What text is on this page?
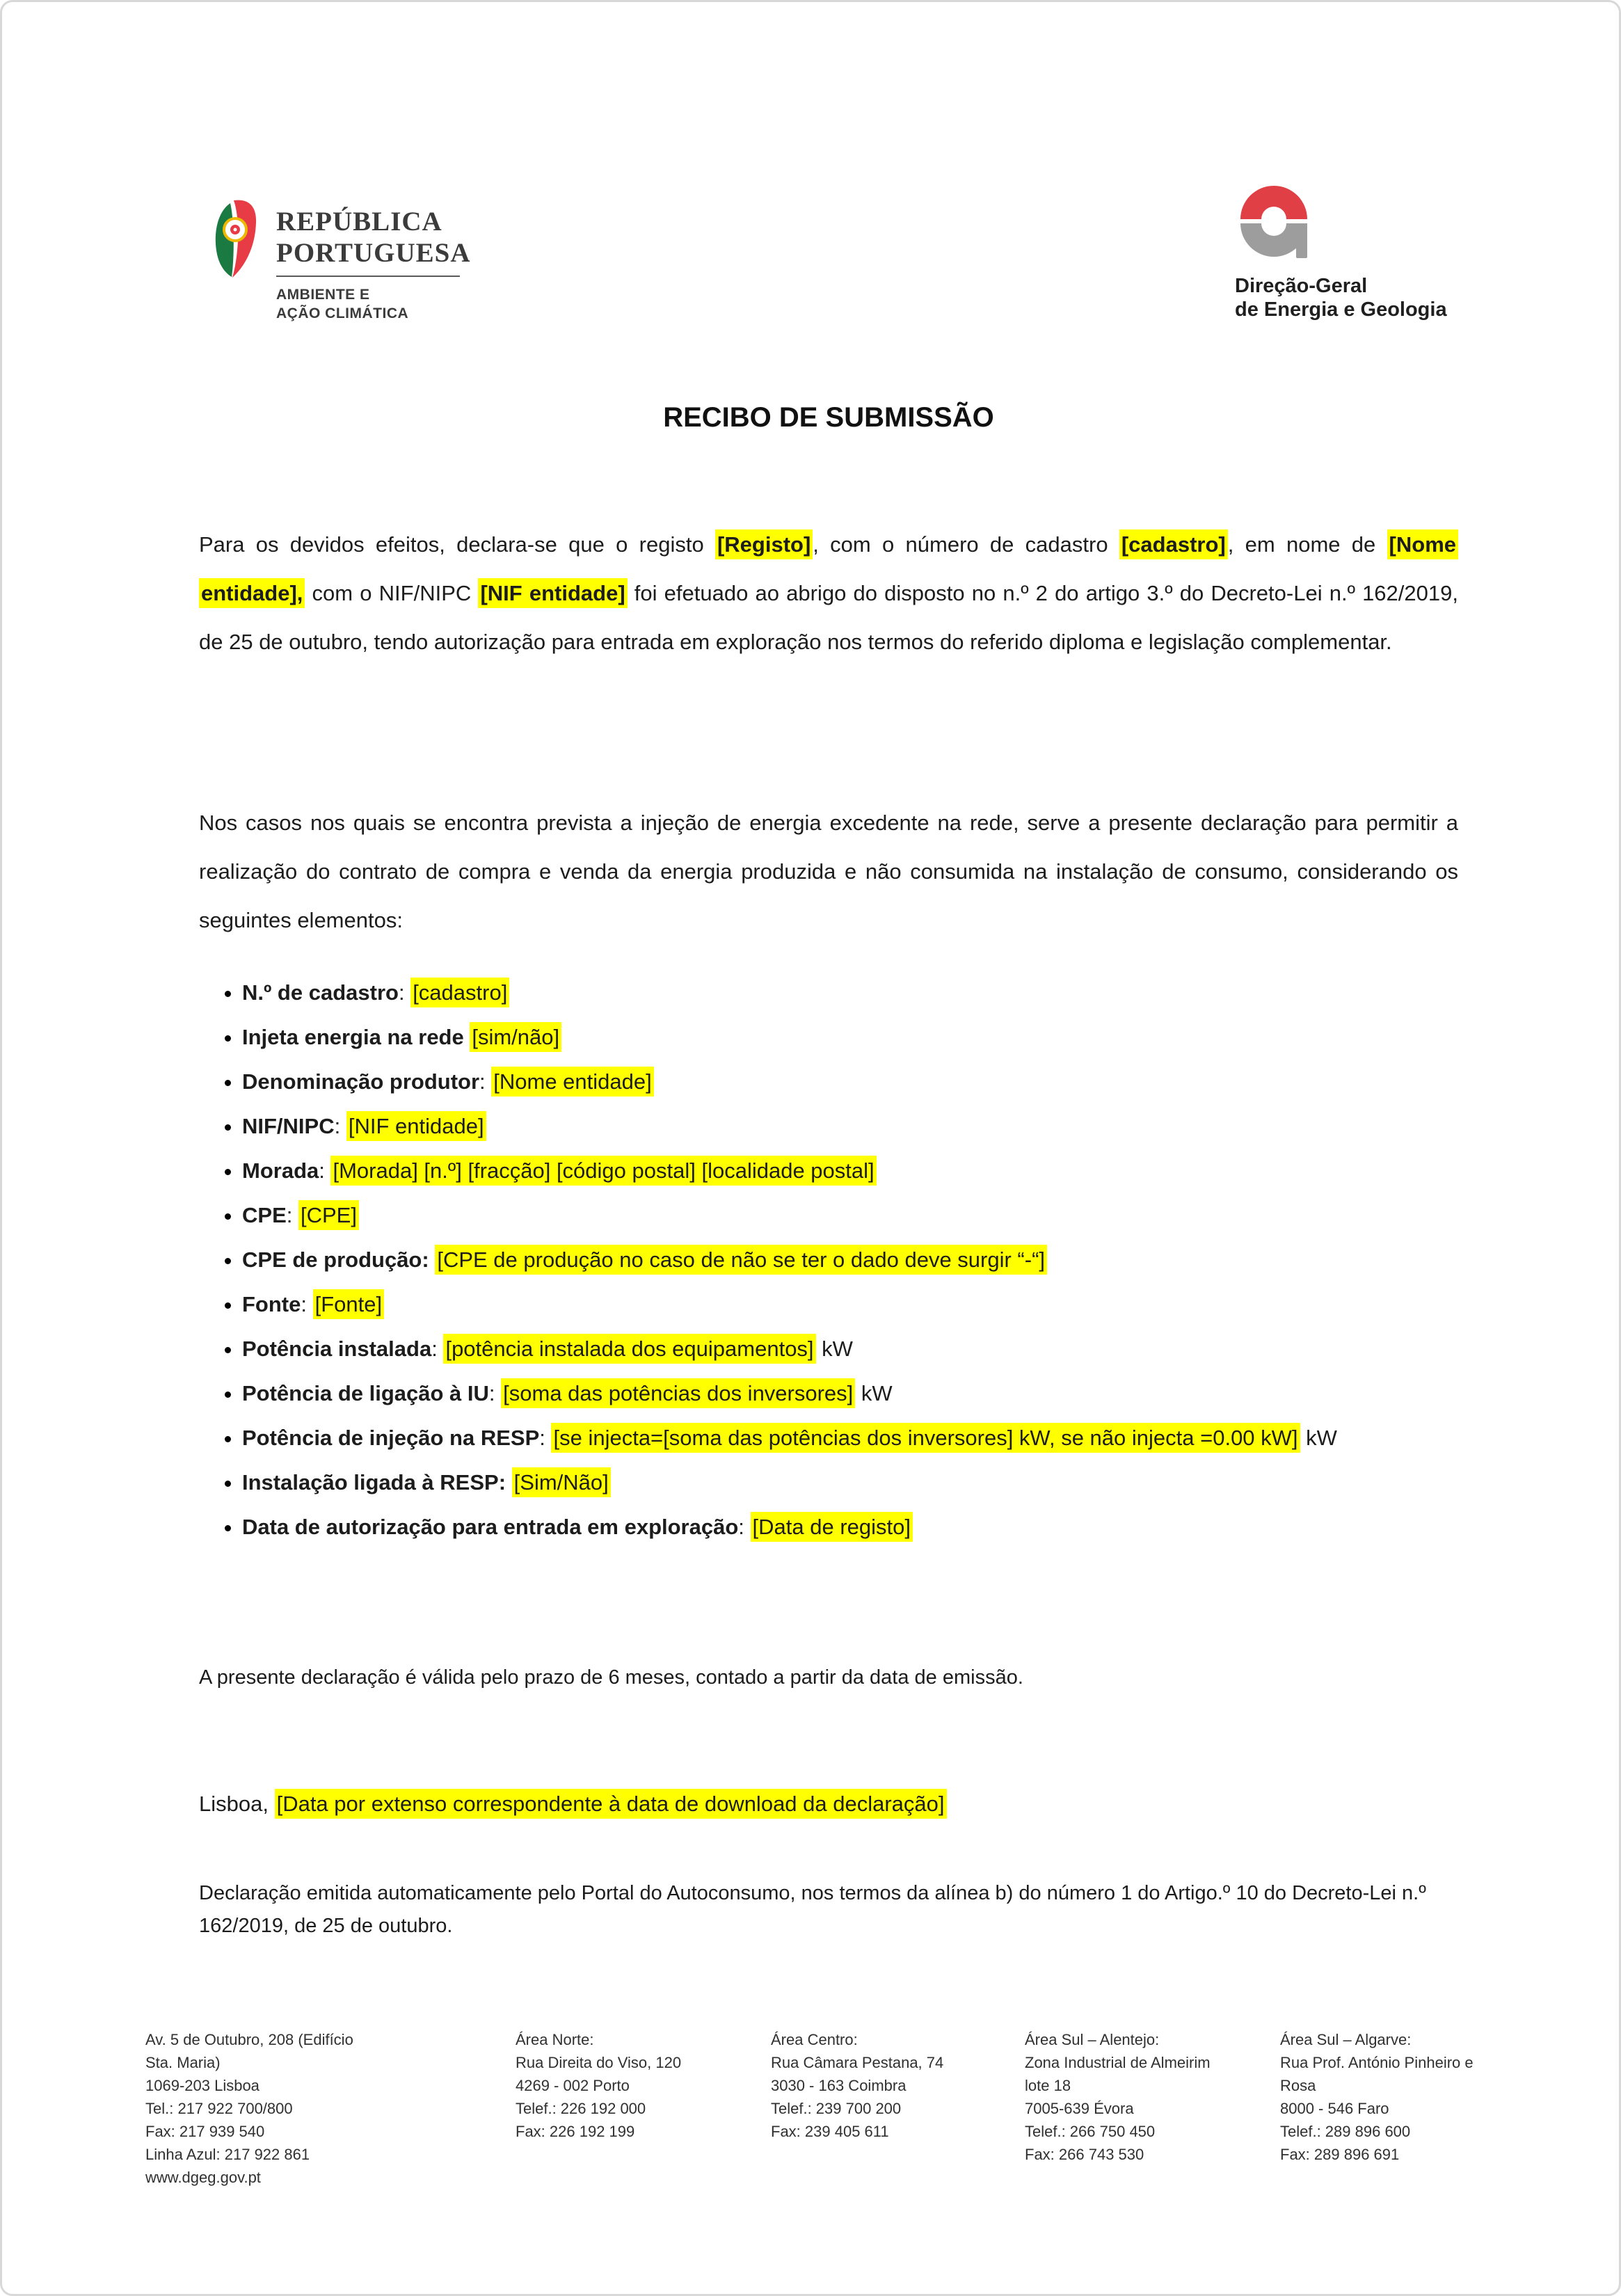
REPÚBLICA
PORTUGUESA
AMBIENTE E
AÇÃO CLIMÁTICA
Direção-Geral
de Energia e Geologia
RECIBO DE SUBMISSÃO

Para os devidos efeitos, declara-se que o registo [Registo], com o número de cadastro [cadastro], em nome de [Nome entidade], com o NIF/NIPC [NIF entidade] foi efetuado ao abrigo do disposto no n.º 2 do artigo 3.º do Decreto-Lei n.º 162/2019, de 25 de outubro, tendo autorização para entrada em exploração nos termos do referido diploma e legislação complementar.

Nos casos nos quais se encontra prevista a injeção de energia excedente na rede, serve a presente declaração para permitir a realização do contrato de compra e venda da energia produzida e não consumida na instalação de consumo, considerando os seguintes elementos:

• N.º de cadastro: [cadastro]
• Injeta energia na rede [sim/não]
• Denominação produtor: [Nome entidade]
• NIF/NIPC: [NIF entidade]
• Morada: [Morada] [n.º] [fracção] [código postal] [localidade postal]
• CPE: [CPE]
• CPE de produção: [CPE de produção no caso de não se ter o dado deve surgir “-“]
• Fonte: [Fonte]
• Potência instalada: [potência instalada dos equipamentos] kW
• Potência de ligação à IU: [soma das potências dos inversores] kW
• Potência de injeção na RESP: [se injecta=[soma das potências dos inversores] kW, se não injecta =0.00 kW] kW
• Instalação ligada à RESP: [Sim/Não]
• Data de autorização para entrada em exploração: [Data de registo]

A presente declaração é válida pelo prazo de 6 meses, contado a partir da data de emissão.

Lisboa, [Data por extenso correspondente à data de download da declaração]

Declaração emitida automaticamente pelo Portal do Autoconsumo, nos termos da alínea b) do número 1 do Artigo.º 10 do Decreto-Lei n.º 162/2019, de 25 de outubro.

Av. 5 de Outubro, 208 (Edifício
Sta. Maria)
1069-203 Lisboa
Tel.: 217 922 700/800
Fax: 217 939 540
Linha Azul: 217 922 861
www.dgeg.gov.pt
Área Norte:
Rua Direita do Viso, 120
4269 - 002 Porto
Telef.: 226 192 000
Fax: 226 192 199
Área Centro:
Rua Câmara Pestana, 74
3030 - 163 Coimbra
Telef.: 239 700 200
Fax: 239 405 611
Área Sul – Alentejo:
Zona Industrial de Almeirim
lote 18
7005-639 Évora
Telef.: 266 750 450
Fax: 266 743 530
Área Sul – Algarve:
Rua Prof. António Pinheiro e
Rosa
8000 - 546 Faro
Telef.: 289 896 600
Fax: 289 896 691
